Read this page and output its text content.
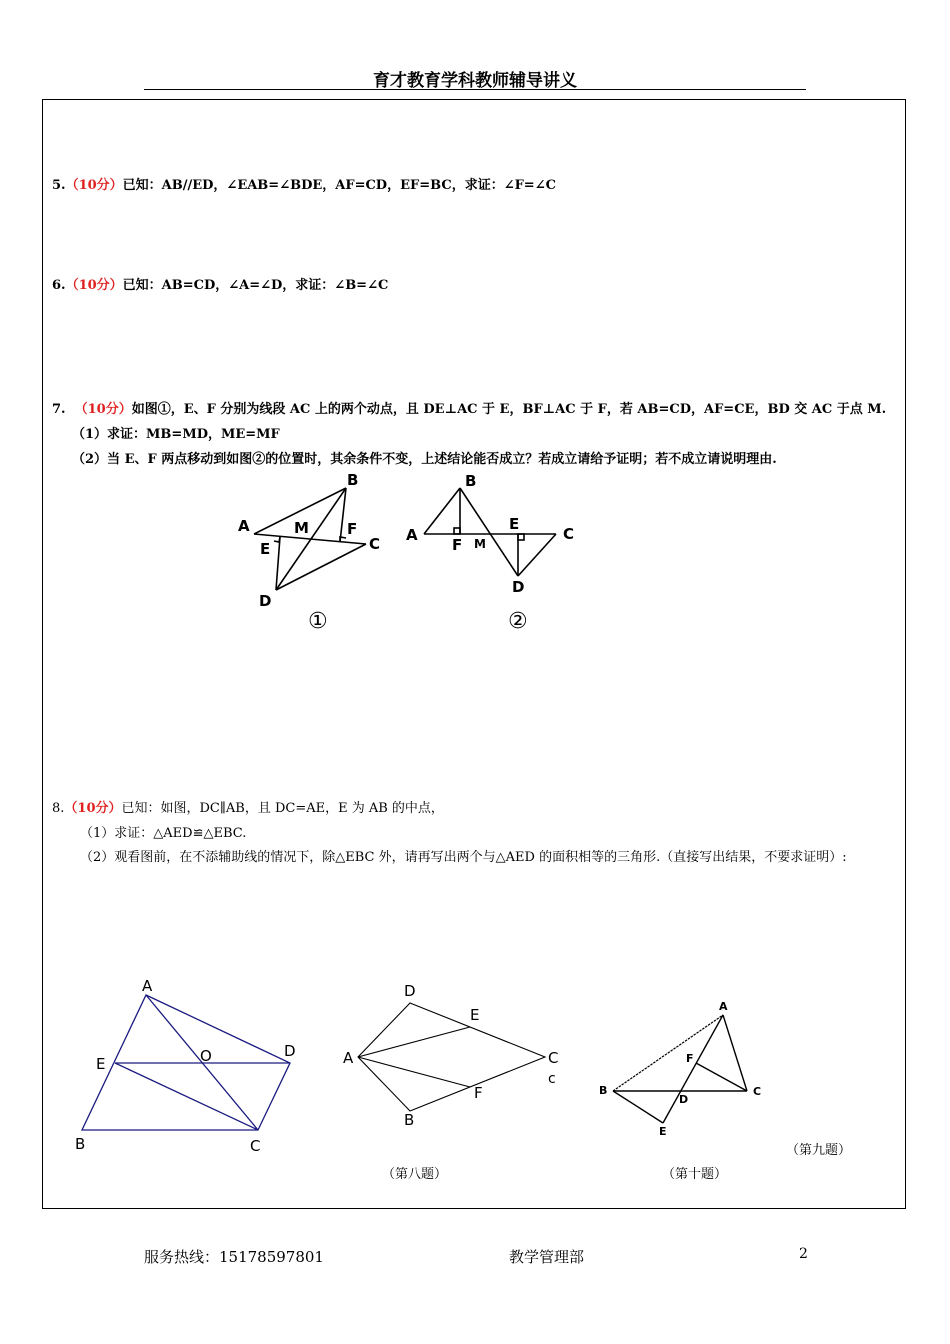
育才教育学科教师辅导讲义
5.（10分）已知：AB//ED，∠EAB=∠BDE，AF=CD，EF=BC，求证：∠F=∠C
6.（10分）已知：AB=CD，∠A=∠D，求证：∠B=∠C
7. （10分）如图①，E、F 分别为线段 AC 上的两个动点，且 DE⊥AC 于 E，BF⊥AC 于 F，若 AB=CD，AF=CE，BD 交 AC 于点 M.
（1）求证：MB=MD，ME=MF
（2）当 E、F 两点移动到如图②的位置时，其余条件不变，上述结论能否成立？若成立请给予证明；若不成立请说明理由.
A
B
M	F
E	C
D
①
A
B
F M
E
C
D
②
8.（10分）已知：如图，DC∥AB，且 DC=AE，E 为 AB 的中点，
（1）求证：△AED≌△EBC.
（2）观看图前，在不添辅助线的情况下，除△EBC 外，请再写出两个与△AED 的面积相等的三角形.（直接写出结果，不要求证明）:
A
E	O	D
B	C
D
E
A	C
c
F
B
（第八题）
A
F
B
D
C
E
（第十题）
（第九题）
服务热线：15178597801	教学管理部	2
